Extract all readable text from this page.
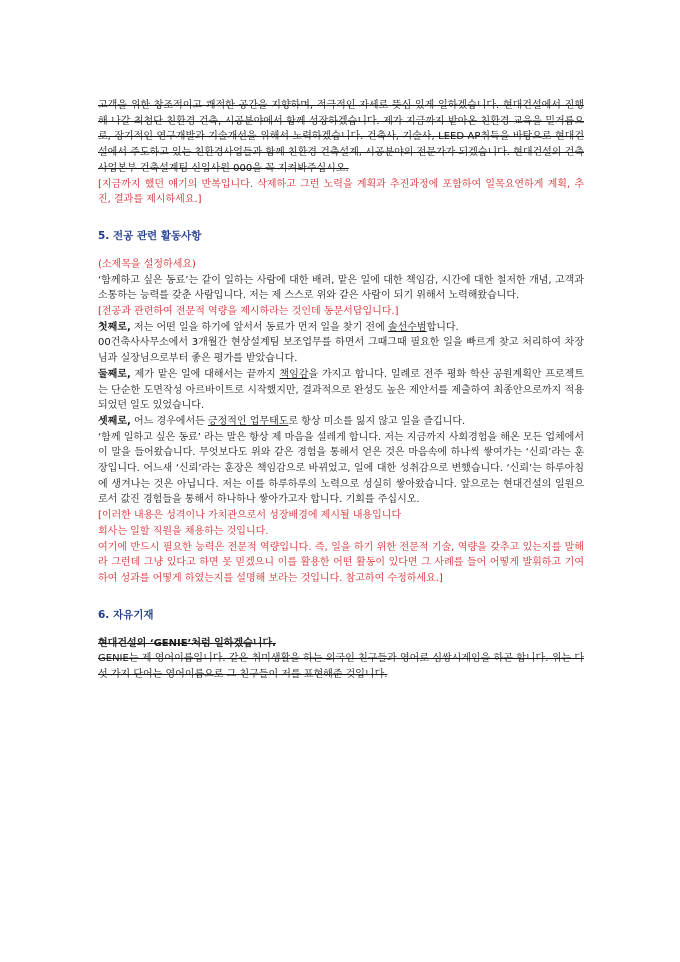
고객을 위한 창조적이고 쾌적한 공간을 지향하며, 적극적인 자세로 뜻심 있게 일하겠습니다. 현대건설에서 진행해 나갈 최첨단 친환경 건축, 시공분야에서 함께 성장하겠습니다. 제가 지금까지 받아온 친환경 교육을 밑거름으로, 장기적인 연구개발과 기술개선을 위해서 노력하겠습니다. 건축사, 기술사, LEED AP취득을 바탕으로 현대건설에서 주도하고 있는 친환경사업들과 함께 친환경 건축설계, 시공분야의 전문가가 되겠습니다. 현대건설의 건축사업본부 건축설계팀 신입사원 000을 꼭 지켜봐주십시오.

[지금까지 했던 얘기의 반복입니다. 삭제하고 그런 노력을 계획과 추진과정에 포함하여 일목요연하게 계획, 추진, 결과를 제시하세요.]

5. 전공 관련 활동사항

(소제목을 설정하세요)

‘함께하고 싶은 동료’는 같이 일하는 사람에 대한 배려, 맡은 일에 대한 책임감, 시간에 대한 철저한 개념, 고객과 소통하는 능력를 갖춘 사람입니다. 저는 제 스스로 위와 같은 사람이 되기 위해서 노력해왔습니다.

[전공과 관련하여 전문적 역량을 제시하라는 것인데 동문서답입니다.]

첫째로, 저는 어떤 일을 하기에 앞서서 동료가 먼저 일을 찾기 전에 솔선수범합니다.

00건축사사무소에서 3개월간 현상설계팀 보조업무를 하면서 그때그때 필요한 일을 빠르게 찾고 처리하여 차장님과 실장님으로부터 좋은 평가를 받았습니다.

둘째로, 제가 맡은 일에 대해서는 끝까지 책임감을 가지고 합니다. 일례로 전주 평화 학산 공원계획안 프로젝트는 단순한 도면작성 아르바이트로 시작했지만, 결과적으로 완성도 높은 제안서를 제출하여 최종안으로까지 적용되었던 일도 있었습니다.

셋째로, 어느 경우에서든 긍정적인 업무태도로 항상 미소를 잃지 않고 일을 즐깁니다.

‘함께 일하고 싶은 동료’ 라는 말은 항상 제 마음을 설레게 합니다. 저는 지금까지 사회경험을 해온 모든 업체에서 이 말을 들어왔습니다. 무엇보다도 위와 같은 경험을 통해서 얻은 것은 마음속에 하나씩 쌓여가는 ‘신뢰’라는 훈장입니다. 어느새 ‘신뢰’라는 훈장은 책임감으로 바뀌었고, 일에 대한 성취감으로 변했습니다. ‘신뢰’는 하루아침에 생겨나는 것은 아닙니다. 저는 이를 하루하루의 노력으로 성실히 쌓아왔습니다. 앞으로는 현대건설의 일원으로서 값진 경험들을 통해서 하나하나 쌓아가고자 합니다. 기회를 주십시오.

[이러한 내용은 성격이나 가치관으로서 성장배경에 제시될 내용입니다

회사는 일할 직원을 채용하는 것입니다.

여기에 반드시 필요한 능력은 전문적 역량입니다. 즉, 일을 하기 위한 전문적 기술, 역량을 갖추고 있는지를 말해라 그런데 그냥 있다고 하면 못 믿겠으니 이를 활용한 어떤 활동이 있다면 그 사례를 들어 어떻게 발휘하고 기여하여 성과를 어떻게 하였는지를 설명해 보라는 것입니다. 참고하여 수정하세요.]

6. 자유기재

현대건설의 ‘GENIE’처럼 일하겠습니다.

GENIE는 제 영어이름입니다. 같은 취미생활을 하는 외국인 친구들과 영어로 심쌍시게임을 하곤 합니다. 위는 다섯 가지 단어는 영어이름으로 그 친구들이 저를 표현해준 것입니다.
